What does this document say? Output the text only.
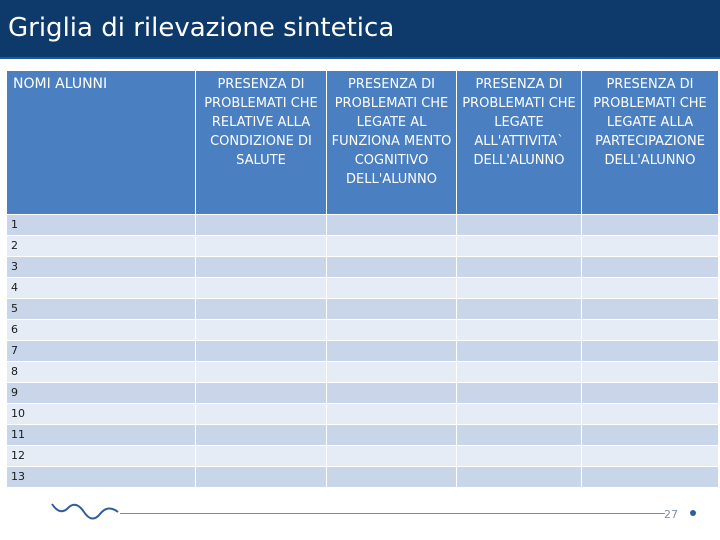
Griglia di rilevazione sintetica
NOMI ALUNNI	PRESENZA DI PROBLEMATI CHE RELATIVE ALLA CONDIZIONE DI SALUTE	PRESENZA DI PROBLEMATI CHE LEGATE AL FUNZIONA MENTO COGNITIVO DELL'ALUNNO	PRESENZA DI PROBLEMATI CHE LEGATE ALL'ATTIVITA` DELL'ALUNNO	PRESENZA DI PROBLEMATI CHE LEGATE ALLA PARTECIPAZIONE DELL'ALUNNO
1				
2				
3				
4				
5				
6				
7				
8				
9				
10				
11				
12				
13				
27
